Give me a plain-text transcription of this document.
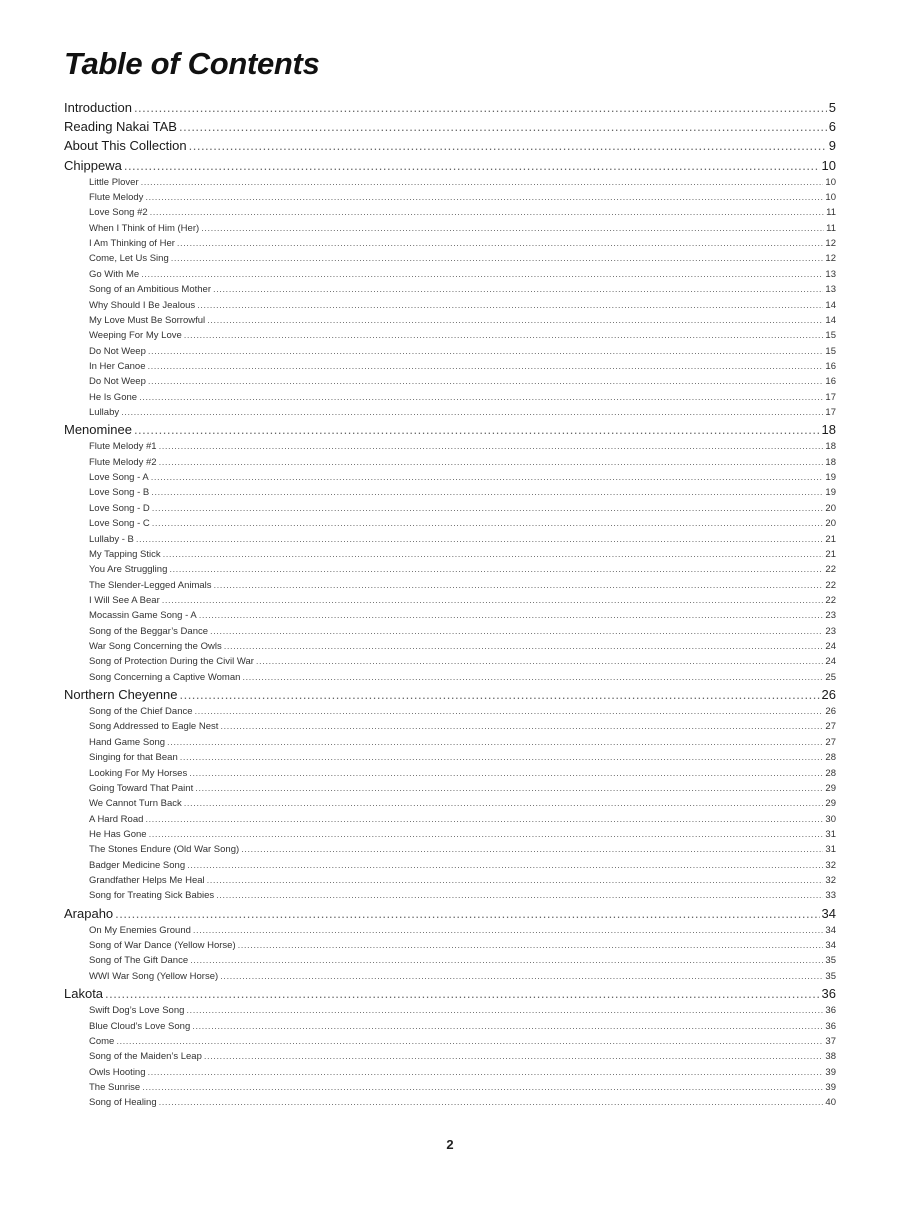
Table of Contents
Introduction .....	5
Reading Nakai TAB .....	6
About This Collection .....	9
Chippewa .....	10
Little Plover .....	10
Flute Melody .....	10
Love Song #2 .....	11
When I Think of Him (Her) .....	11
I Am Thinking of Her .....	12
Come, Let Us Sing .....	12
Go With Me .....	13
Song of an Ambitious Mother .....	13
Why Should I Be Jealous .....	14
My Love Must Be Sorrowful .....	14
Weeping For My Love .....	15
Do Not Weep .....	15
In Her Canoe .....	16
Do Not Weep .....	16
He Is Gone .....	17
Lullaby .....	17
Menominee .....	18
Flute Melody #1 .....	18
Flute Melody #2 .....	18
Love Song - A .....	19
Love Song - B .....	19
Love Song - D .....	20
Love Song - C .....	20
Lullaby - B .....	21
My Tapping Stick .....	21
You Are Struggling .....	22
The Slender-Legged Animals .....	22
I Will See A Bear .....	22
Mocassin Game Song - A .....	23
Song of the Beggar’s Dance .....	23
War Song Concerning the Owls .....	24
Song of Protection During the Civil War .....	24
Song Concerning a Captive Woman .....	25
Northern Cheyenne .....	26
Song of the Chief Dance .....	26
Song Addressed to Eagle Nest .....	27
Hand Game Song .....	27
Singing for that Bean .....	28
Looking For My Horses .....	28
Going Toward That Paint .....	29
We Cannot Turn Back .....	29
A Hard Road .....	30
He Has Gone .....	31
The Stones Endure (Old War Song) .....	31
Badger Medicine Song .....	32
Grandfather Helps Me Heal .....	32
Song for Treating Sick Babies .....	33
Arapaho .....	34
On My Enemies Ground .....	34
Song of War Dance (Yellow Horse) .....	34
Song of The Gift Dance .....	35
WWI War Song (Yellow Horse) .....	35
Lakota .....	36
Swift Dog’s Love Song .....	36
Blue Cloud’s Love Song .....	36
Come .....	37
Song of the Maiden’s Leap .....	38
Owls Hooting .....	39
The Sunrise .....	39
Song of Healing .....	40
2
